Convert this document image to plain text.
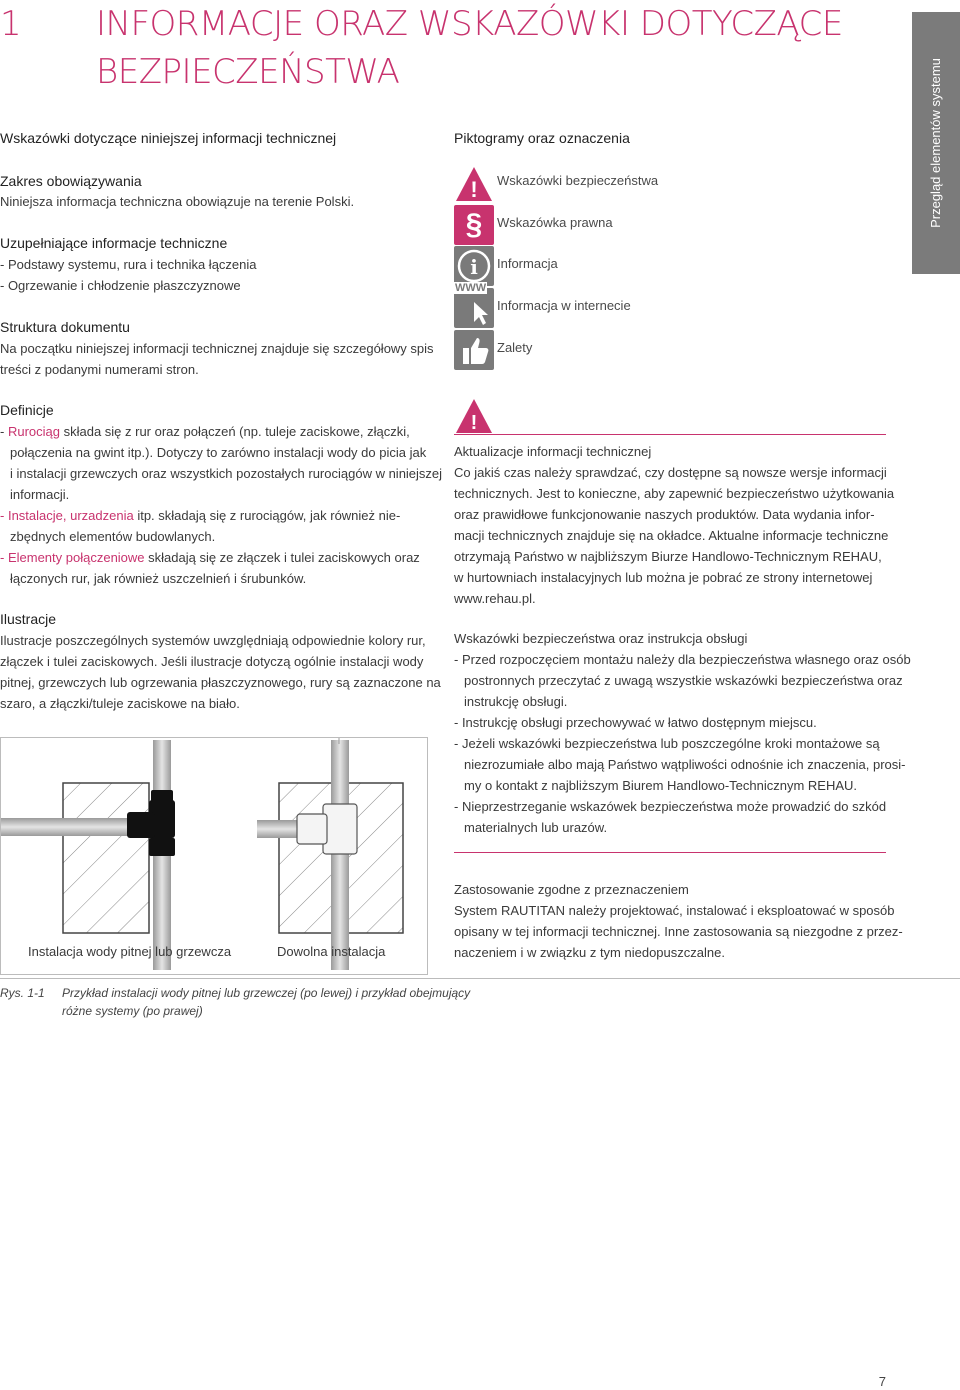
1 INFORMACJE ORAZ WSKAZÓWKI DOTYCZĄCE
BEZPIECZEŃSTWA	Przegląd elementów systemu
Wskazówki dotyczące niniejszej informacji technicznej
Zakres obowiązywania
Niniejsza informacja techniczna obowiązuje na terenie Polski.
Uzupełniające informacje techniczne
- Podstawy systemu, rura i technika łączenia
- Ogrzewanie i chłodzenie płaszczyznowe
Struktura dokumentu
Na początku niniejszej informacji technicznej znajduje się szczegółowy spis
treści z podanymi numerami stron.
Definicje
- Rurociąg składa się z rur oraz połączeń (np. tuleje zaciskowe, złączki,
połączenia na gwint itp.). Dotyczy to zarówno instalacji wody do picia jak
i instalacji grzewczych oraz wszystkich pozostałych rurociągów w niniejszej
informacji.
- Instalacje, urzadzenia itp. składają się z rurociągów, jak również nie-
zbędnych elementów budowlanych.
- Elementy połączeniowe składają się ze złączek i tulei zaciskowych oraz
łączonych rur, jak również uszczelnień i śrubunków.
Ilustracje
Ilustracje poszczególnych systemów uwzględniają odpowiednie kolory rur,
złączek i tulei zaciskowych. Jeśli ilustracje dotyczą ogólnie instalacji wody
pitnej, grzewczych lub ogrzewania płaszczyznowego, rury są zaznaczone na
szaro, a złączki/tuleje zaciskowe na biało.
Instalacja wody pitnej lub grzewcza	Dowolna instalacja
Rys. 1-1 Przykład instalacji wody pitnej lub grzewczej (po lewej) i przykład obejmujący
różne systemy (po prawej)
Piktogramy oraz oznaczenia
! Wskazówki bezpieczeństwa
§	Wskazówka prawna
i Informacja
WWW
Informacja w internecie
Zalety
!
Aktualizacje informacji technicznej
Co jakiś czas należy sprawdzać, czy dostępne są nowsze wersje informacji
technicznych. Jest to konieczne, aby zapewnić bezpieczeństwo użytkowania
oraz prawidłowe funkcjonowanie naszych produktów. Data wydania infor-
macji technicznych znajduje się na okładce. Aktualne informacje techniczne
otrzymają Państwo w najbliższym Biurze Handlowo-Technicznym REHAU,
w hurtowniach instalacyjnych lub można je pobrać ze strony internetowej
www.rehau.pl.
Wskazówki bezpieczeństwa oraz instrukcja obsługi
- Przed rozpoczęciem montażu należy dla bezpieczeństwa własnego oraz osób
postronnych przeczytać z uwagą wszystkie wskazówki bezpieczeństwa oraz
instrukcję obsługi.
- Instrukcję obsługi przechowywać w łatwo dostępnym miejscu.
- Jeżeli wskazówki bezpieczeństwa lub poszczególne kroki montażowe są
niezrozumiałe albo mają Państwo wątpliwości odnośnie ich znaczenia, prosi-
my o kontakt z najbliższym Biurem Handlowo-Technicznym REHAU.
- Nieprzestrzeganie wskazówek bezpieczeństwa może prowadzić do szkód
materialnych lub urazów.
Zastosowanie zgodne z przeznaczeniem
System RAUTITAN należy projektować, instalować i eksploatować w sposób
opisany w tej informacji technicznej. Inne zastosowania są niezgodne z przez-
naczeniem i w związku z tym niedopuszczalne.
7
